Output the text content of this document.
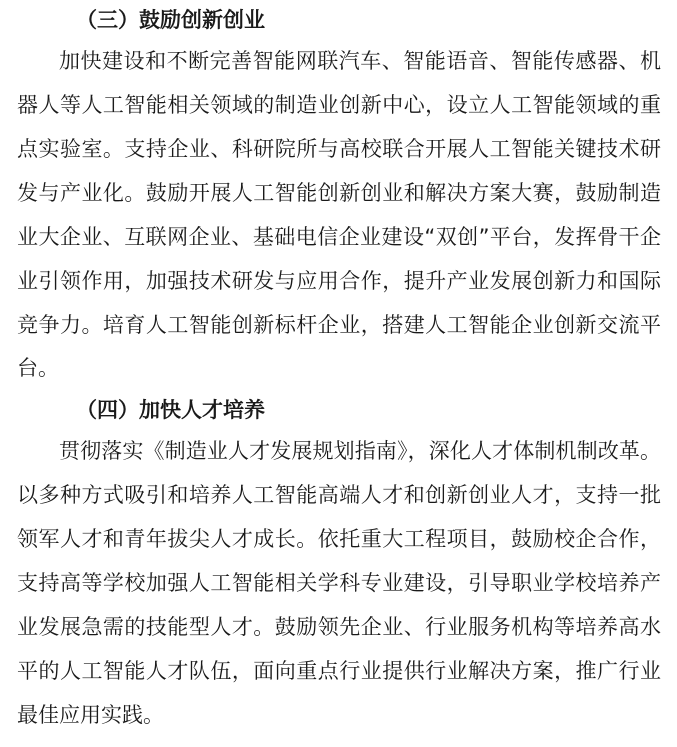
（三）鼓励创新创业
加快建设和不断完善智能网联汽车、智能语音、智能传感器、机
器人等人工智能相关领域的制造业创新中心，设立人工智能领域的重
点实验室。支持企业、科研院所与高校联合开展人工智能关键技术研
发与产业化。鼓励开展人工智能创新创业和解决方案大赛，鼓励制造
业大企业、互联网企业、基础电信企业建设“双创”平台，发挥骨干企
业引领作用，加强技术研发与应用合作，提升产业发展创新力和国际
竞争力。培育人工智能创新标杆企业，搭建人工智能企业创新交流平
台。
（四）加快人才培养
贯彻落实《制造业人才发展规划指南》，深化人才体制机制改革。
以多种方式吸引和培养人工智能高端人才和创新创业人才，支持一批
领军人才和青年拔尖人才成长。依托重大工程项目，鼓励校企合作，
支持高等学校加强人工智能相关学科专业建设，引导职业学校培养产
业发展急需的技能型人才。鼓励领先企业、行业服务机构等培养高水
平的人工智能人才队伍，面向重点行业提供行业解决方案，推广行业
最佳应用实践。
